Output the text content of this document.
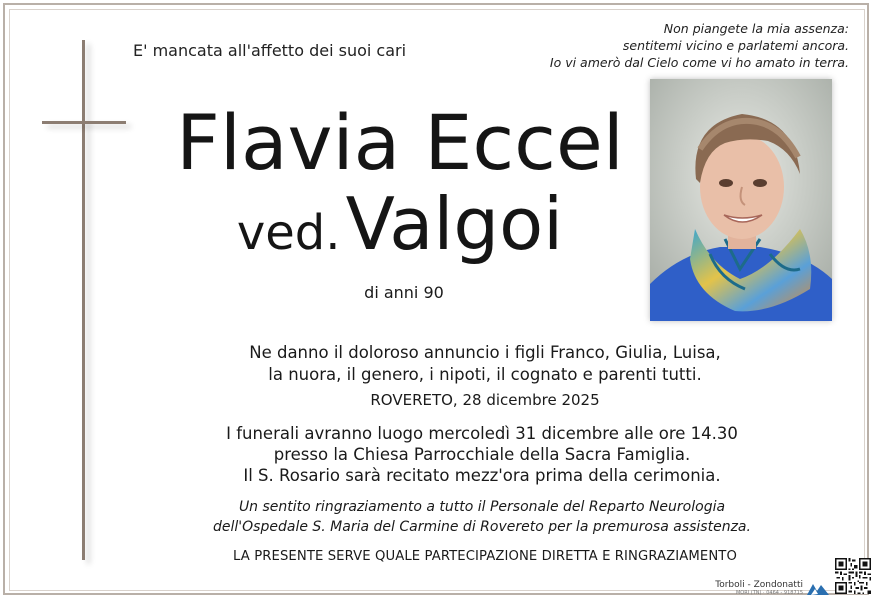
E' mancata all'affetto dei suoi cari
Non piangete la mia assenza:
sentitemi vicino e parlatemi ancora.
Io vi amerò dal Cielo come vi ho amato in terra.
Flavia Eccel
ved. Valgoi
di anni 90
Ne danno il doloroso annuncio i figli Franco, Giulia, Luisa,
la nuora, il genero, i nipoti, il cognato e parenti tutti.
ROVERETO, 28 dicembre 2025
I funerali avranno luogo mercoledì 31 dicembre alle ore 14.30
presso la Chiesa Parrocchiale della Sacra Famiglia.
Il S. Rosario sarà recitato mezz'ora prima della cerimonia.
Un sentito ringraziamento a tutto il Personale del Reparto Neurologia
dell'Ospedale S. Maria del Carmine di Rovereto per la premurosa assistenza.
LA PRESENTE SERVE QUALE PARTECIPAZIONE DIRETTA E RINGRAZIAMENTO
Torboli - Zondonatti
MORI (TN) · 0464 - 918715
